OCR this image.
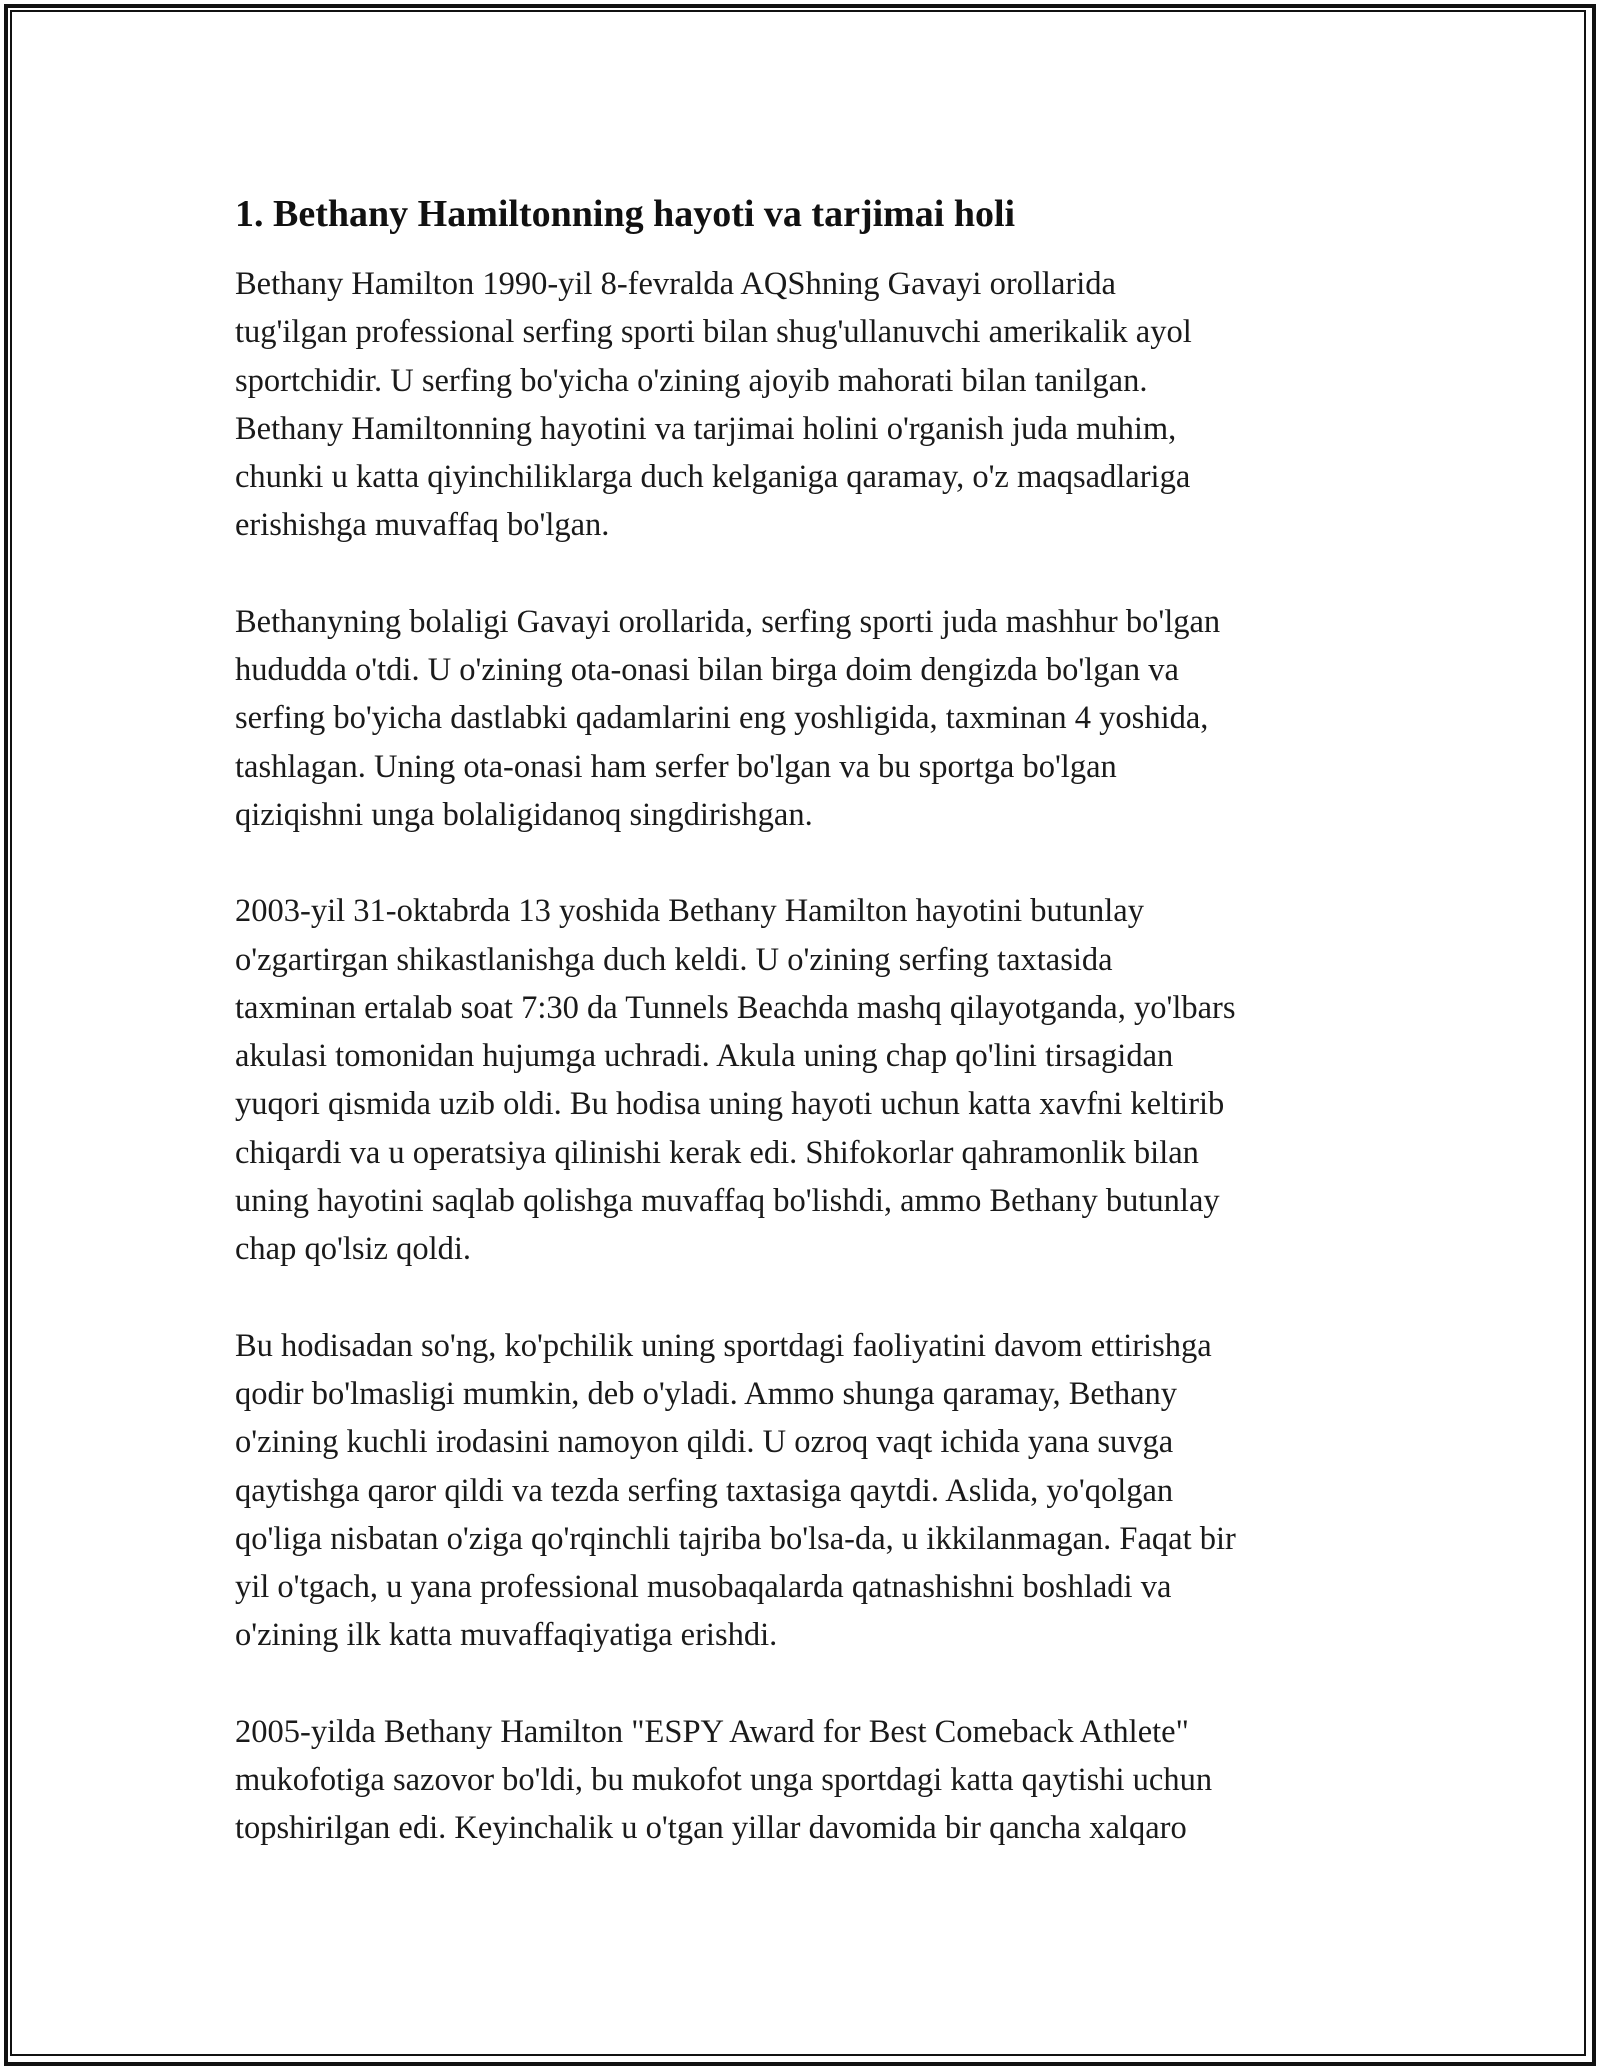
1. Bethany Hamiltonning hayoti va tarjimai holi

Bethany Hamilton 1990-yil 8-fevralda AQShning Gavayi orollarida
tug'ilgan professional serfing sporti bilan shug'ullanuvchi amerikalik ayol
sportchidir. U serfing bo'yicha o'zining ajoyib mahorati bilan tanilgan.
Bethany Hamiltonning hayotini va tarjimai holini o'rganish juda muhim,
chunki u katta qiyinchiliklarga duch kelganiga qaramay, o'z maqsadlariga
erishishga muvaffaq bo'lgan.

Bethanyning bolaligi Gavayi orollarida, serfing sporti juda mashhur bo'lgan
hududda o'tdi. U o'zining ota-onasi bilan birga doim dengizda bo'lgan va
serfing bo'yicha dastlabki qadamlarini eng yoshligida, taxminan 4 yoshida,
tashlagan. Uning ota-onasi ham serfer bo'lgan va bu sportga bo'lgan
qiziqishni unga bolaligidanoq singdirishgan.

2003-yil 31-oktabrda 13 yoshida Bethany Hamilton hayotini butunlay
o'zgartirgan shikastlanishga duch keldi. U o'zining serfing taxtasida
taxminan ertalab soat 7:30 da Tunnels Beachda mashq qilayotganda, yo'lbars
akulasi tomonidan hujumga uchradi. Akula uning chap qo'lini tirsagidan
yuqori qismida uzib oldi. Bu hodisa uning hayoti uchun katta xavfni keltirib
chiqardi va u operatsiya qilinishi kerak edi. Shifokorlar qahramonlik bilan
uning hayotini saqlab qolishga muvaffaq bo'lishdi, ammo Bethany butunlay
chap qo'lsiz qoldi.

Bu hodisadan so'ng, ko'pchilik uning sportdagi faoliyatini davom ettirishga
qodir bo'lmasligi mumkin, deb o'yladi. Ammo shunga qaramay, Bethany
o'zining kuchli irodasini namoyon qildi. U ozroq vaqt ichida yana suvga
qaytishga qaror qildi va tezda serfing taxtasiga qaytdi. Aslida, yo'qolgan
qo'liga nisbatan o'ziga qo'rqinchli tajriba bo'lsa-da, u ikkilanmagan. Faqat bir
yil o'tgach, u yana professional musobaqalarda qatnashishni boshladi va
o'zining ilk katta muvaffaqiyatiga erishdi.

2005-yilda Bethany Hamilton "ESPY Award for Best Comeback Athlete"
mukofotiga sazovor bo'ldi, bu mukofot unga sportdagi katta qaytishi uchun
topshirilgan edi. Keyinchalik u o'tgan yillar davomida bir qancha xalqaro
